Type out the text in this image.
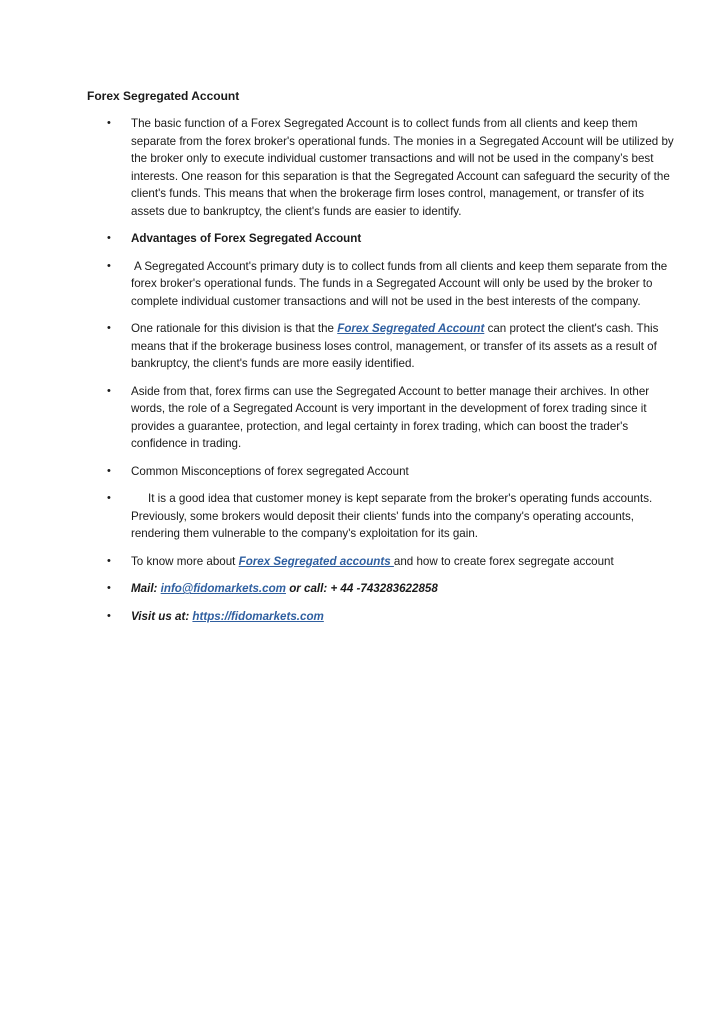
Forex Segregated Account
• The basic function of a Forex Segregated Account is to collect funds from all clients and keep them separate from the forex broker's operational funds. The monies in a Segregated Account will be utilized by the broker only to execute individual customer transactions and will not be used in the company’s best interests. One reason for this separation is that the Segregated Account can safeguard the security of the client's funds. This means that when the brokerage firm loses control, management, or transfer of its assets due to bankruptcy, the client's funds are easier to identify.
• Advantages of Forex Segregated Account
• A Segregated Account's primary duty is to collect funds from all clients and keep them separate from the forex broker's operational funds. The funds in a Segregated Account will only be used by the broker to complete individual customer transactions and will not be used in the best interests of the company.
• One rationale for this division is that the Forex Segregated Account can protect the client's cash. This means that if the brokerage business loses control, management, or transfer of its assets as a result of bankruptcy, the client's funds are more easily identified.
• Aside from that, forex firms can use the Segregated Account to better manage their archives. In other words, the role of a Segregated Account is very important in the development of forex trading since it provides a guarantee, protection, and legal certainty in forex trading, which can boost the trader's confidence in trading.
• Common Misconceptions of forex segregated Account
•	It is a good idea that customer money is kept separate from the broker's operating funds accounts. Previously, some brokers would deposit their clients' funds into the company's operating accounts, rendering them vulnerable to the company's exploitation for its gain.
• To know more about Forex Segregated accounts and how to create forex segregate account
• Mail: info@fidomarkets.com or call: + 44 -743283622858
• Visit us at: https://fidomarkets.com
